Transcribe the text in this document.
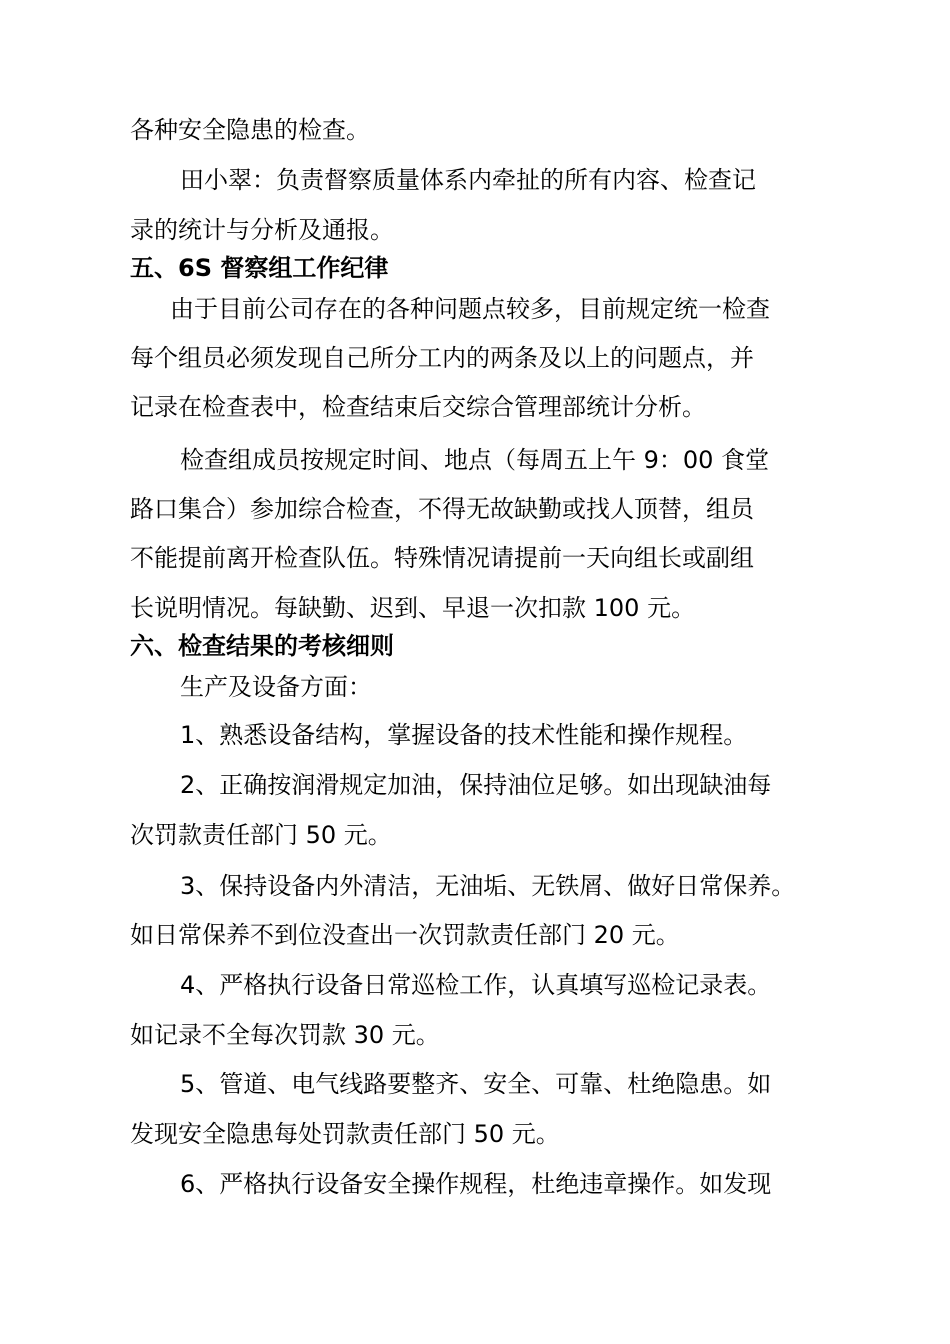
各种安全隐患的检查。
田小翠：负责督察质量体系内牵扯的所有内容、检查记
录的统计与分析及通报。
五、6S 督察组工作纪律
由于目前公司存在的各种问题点较多，目前规定统一检查
每个组员必须发现自己所分工内的两条及以上的问题点，并
记录在检查表中，检查结束后交综合管理部统计分析。
检查组成员按规定时间、地点（每周五上午 9：00 食堂
路口集合）参加综合检查，不得无故缺勤或找人顶替，组员
不能提前离开检查队伍。特殊情况请提前一天向组长或副组
长说明情况。每缺勤、迟到、早退一次扣款 100 元。
六、检查结果的考核细则
生产及设备方面：
1、熟悉设备结构，掌握设备的技术性能和操作规程。
2、正确按润滑规定加油，保持油位足够。如出现缺油每
次罚款责任部门 50 元。
3、保持设备内外清洁，无油垢、无铁屑、做好日常保养。
如日常保养不到位没查出一次罚款责任部门 20 元。
4、严格执行设备日常巡检工作，认真填写巡检记录表。
如记录不全每次罚款 30 元。
5、管道、电气线路要整齐、安全、可靠、杜绝隐患。如
发现安全隐患每处罚款责任部门 50 元。
6、严格执行设备安全操作规程，杜绝违章操作。如发现
